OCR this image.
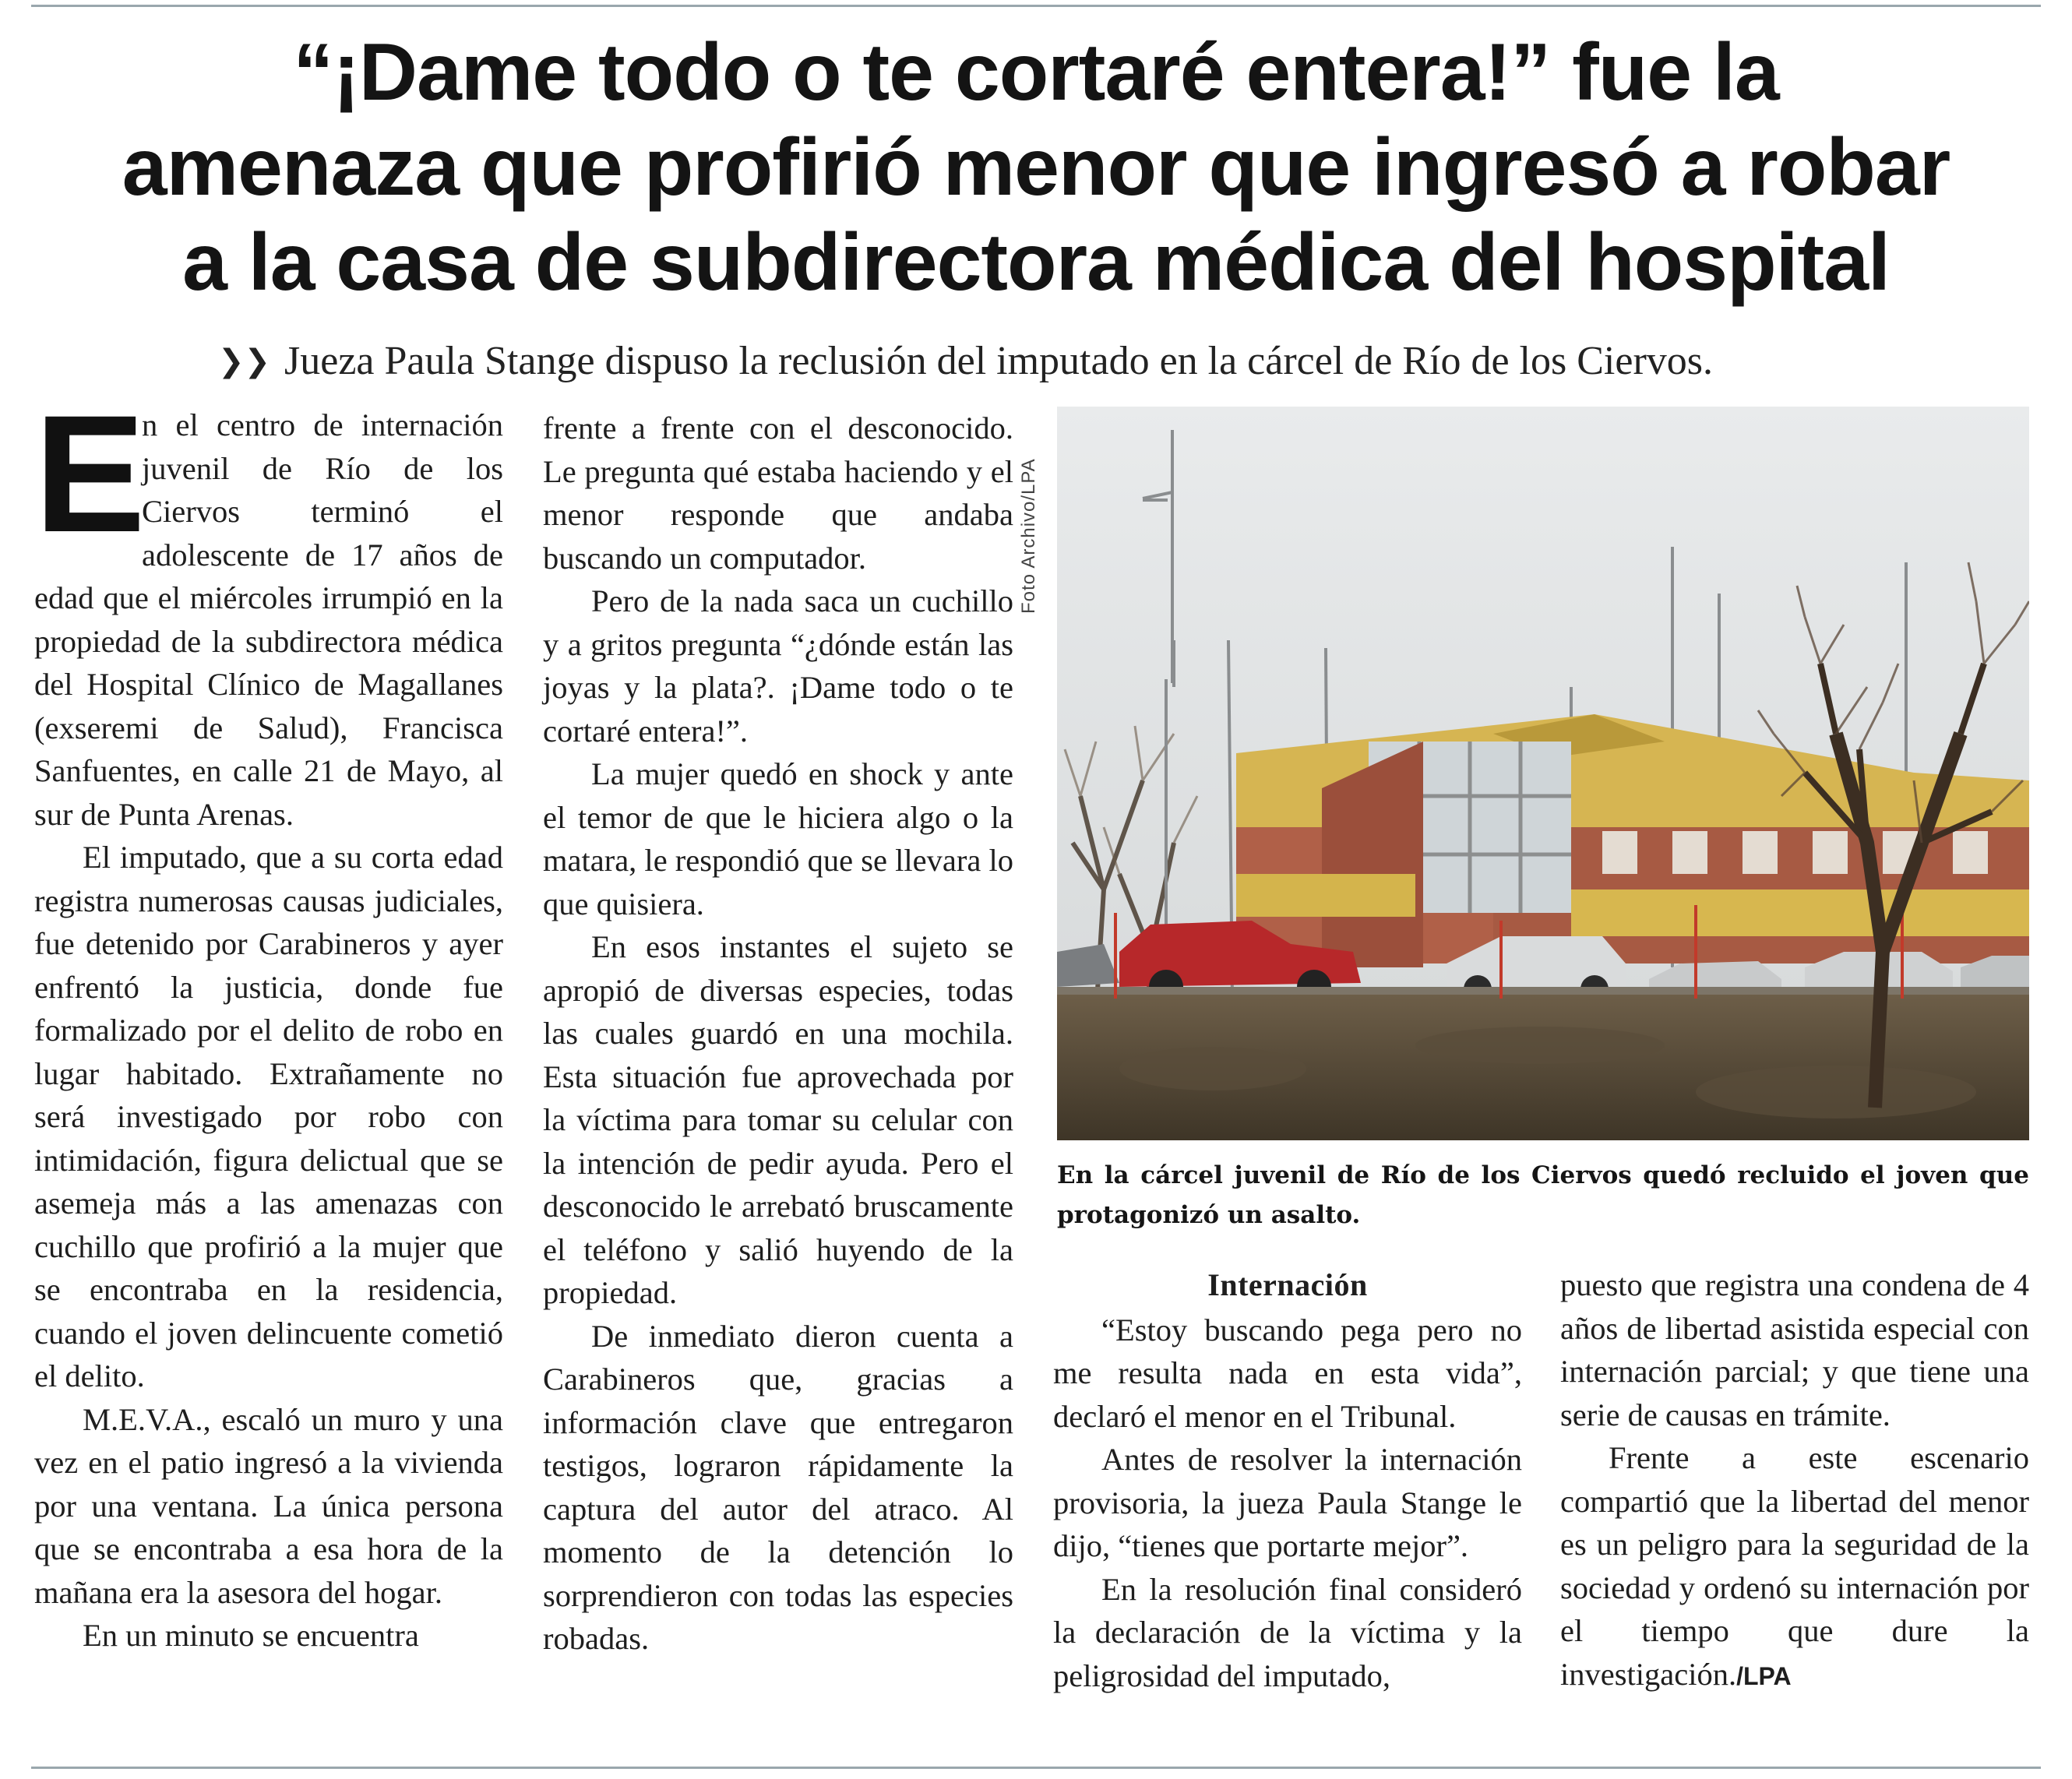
“¡Dame todo o te cortaré entera!” fue la amenaza que profirió menor que ingresó a robar a la casa de subdirectora médica del hospital
❯❯ Jueza Paula Stange dispuso la reclusión del imputado en la cárcel de Río de los Ciervos.

E
n el centro de internación juvenil de Río de los Ciervos terminó el adolescente de 17 años de edad que el miércoles irrumpió en la propiedad de la subdirectora médica del Hospital Clínico de Magallanes (exseremi de Salud), Francisca Sanfuentes, en calle 21 de Mayo, al sur de Punta Arenas.

El imputado, que a su corta edad registra numerosas causas judiciales, fue detenido por Carabineros y ayer enfrentó la justicia, donde fue formalizado por el delito de robo en lugar habitado. Extrañamente no será investigado por robo con intimidación, figura delictual que se asemeja más a las amenazas con cuchillo que profirió a la mujer que se encontraba en la residencia, cuando el joven delincuente cometió el delito.

M.E.V.A., escaló un muro y una vez en el patio ingresó a la vivienda por una ventana. La única persona que se encontraba a esa hora de la mañana era la asesora del hogar.

En un minuto se encuentra

frente a frente con el desconocido. Le pregunta qué estaba haciendo y el menor responde que andaba buscando un computador.

Pero de la nada saca un cuchillo y a gritos pregunta “¿dónde están las joyas y la plata?. ¡Dame todo o te cortaré entera!”.

La mujer quedó en shock y ante el temor de que le hiciera algo o la matara, le respondió que se llevara lo que quisiera.

En esos instantes el sujeto se apropió de diversas especies, todas las cuales guardó en una mochila. Esta situación fue aprovechada por la víctima para tomar su celular con la intención de pedir ayuda. Pero el desconocido le arrebató bruscamente el teléfono y salió huyendo de la propiedad.

De inmediato dieron cuenta a Carabineros que, gracias a información clave que entregaron testigos, lograron rápidamente la captura del autor del atraco. Al momento de la detención lo sorprendieron con todas las especies robadas.

Foto Archivo/LPA

En la cárcel juvenil de Río de los Ciervos quedó recluido el joven que protagonizó un asalto.

Internación

“Estoy buscando pega pero no me resulta nada en esta vida”, declaró el menor en el Tribunal.

Antes de resolver la internación provisoria, la jueza Paula Stange le dijo, “tienes que portarte mejor”.

En la resolución final consideró la declaración de la víctima y la peligrosidad del imputado,

puesto que registra una condena de 4 años de libertad asistida especial con internación parcial; y que tiene una serie de causas en trámite.

Frente a este escenario compartió que la libertad del menor es un peligro para la seguridad de la sociedad y ordenó su internación por el tiempo que dure la investigación./LPA
